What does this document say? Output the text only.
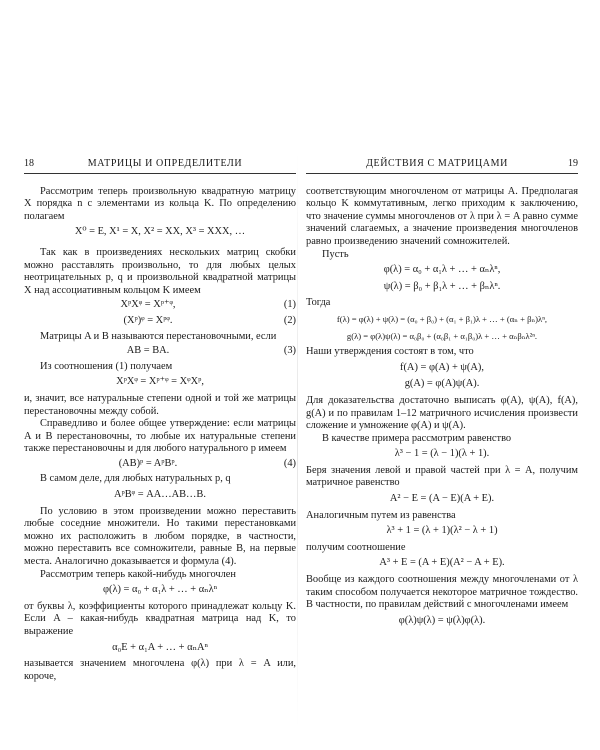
18	МАТРИЦЫ И ОПРЕДЕЛИТЕЛИ

Рассмотрим теперь произвольную квадратную матрицу X порядка n с элементами из кольца K. По определению полагаем

X⁰ = E, X¹ = X, X² = XX, X³ = XXX, …

Так как в произведениях нескольких матриц скобки можно расставлять произвольно, то для любых целых неотрицательных p, q и произвольной квадратной матрицы X над ассоциативным кольцом K имеем

XᵖXᵠ = Xᵖ⁺ᵠ,	(1)
(Xᵖ)ᵠ = Xᵖᵠ.	(2)

Матрицы A и B называются перестановочными, если

AB = BA.	(3)

Из соотношения (1) получаем

XᵖXᵠ = Xᵖ⁺ᵠ = XᵠXᵖ,

и, значит, все натуральные степени одной и той же матрицы перестановочны между собой.

Справедливо и более общее утверждение: если матрицы A и B перестановочны, то любые их натуральные степени также перестановочны и для любого натурального p имеем

(AB)ᵖ = AᵖBᵖ.	(4)

В самом деле, для любых натуральных p, q

AᵖBᵠ = AA…AB…B.

По условию в этом произведении можно переставить любые соседние множители. Но такими перестановками можно их расположить в любом порядке, в частности, можно переставить все сомножители, равные B, на первые места. Аналогично доказывается и формула (4).

Рассмотрим теперь какой-нибудь многочлен

φ(λ) = α₀ + α₁λ + … + αₙλⁿ

от буквы λ, коэффициенты которого принадлежат кольцу K. Если A – какая-нибудь квадратная матрица над K, то выражение

α₀E + α₁A + … + αₙAⁿ

называется значением многочлена φ(λ) при λ = A или, короче,

ДЕЙСТВИЯ С МАТРИЦАМИ	19

соответствующим многочленом от матрицы A. Предполагая кольцо K коммутативным, легко приходим к заключению, что значение суммы многочленов от λ при λ = A равно сумме значений слагаемых, а значение произведения многочленов равно произведению значений сомножителей.

Пусть

φ(λ) = α₀ + α₁λ + … + αₙλⁿ,
ψ(λ) = β₀ + β₁λ + … + βₙλⁿ.

Тогда

f(λ) = φ(λ) + ψ(λ) = (α₀ + β₀) + (α₁ + β₁)λ + … + (αₙ + βₙ)λⁿ,
g(λ) = φ(λ)ψ(λ) = α₀β₀ + (α₀β₁ + α₁β₀)λ + … + αₙβₙλ²ⁿ.

Наши утверждения состоят в том, что

f(A) = φ(A) + ψ(A),
g(A) = φ(A)ψ(A).

Для доказательства достаточно выписать φ(A), ψ(A), f(A), g(A) и по правилам 1–12 матричного исчисления произвести сложение и умножение φ(A) и ψ(A).

В качестве примера рассмотрим равенство

λ³ − 1 = (λ − 1)(λ + 1).

Беря значения левой и правой частей при λ = A, получим матричное равенство

A² − E = (A − E)(A + E).

Аналогичным путем из равенства

λ³ + 1 = (λ + 1)(λ² − λ + 1)

получим соотношение

A³ + E = (A + E)(A² − A + E).

Вообще из каждого соотношения между многочленами от λ таким способом получается некоторое матричное тождество. В частности, по правилам действий с многочленами имеем

φ(λ)ψ(λ) = ψ(λ)φ(λ).
